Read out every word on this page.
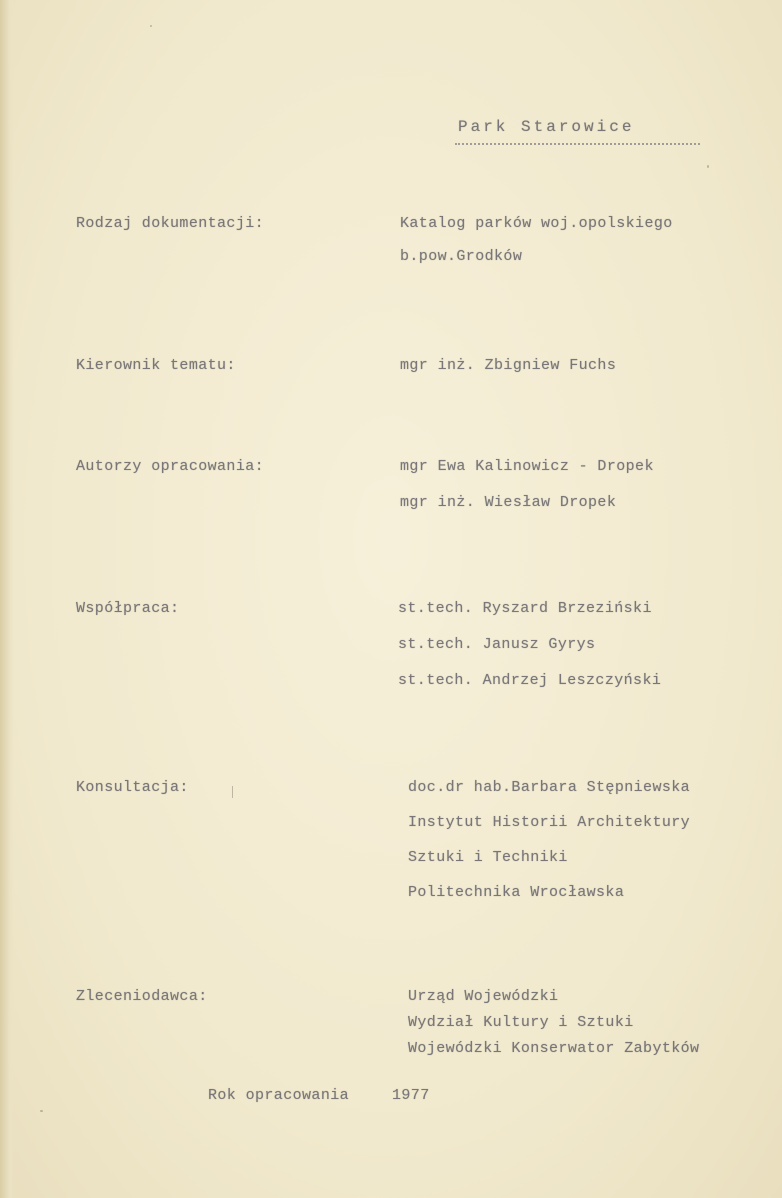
Park Starowice
Rodzaj dokumentacji:	Katalog parków woj.opolskiego
b.pow.Grodków
Kierownik tematu:	mgr inż. Zbigniew Fuchs
Autorzy opracowania:	mgr Ewa Kalinowicz - Dropek
mgr inż. Wiesław Dropek
Współpraca:	st.tech. Ryszard Brzeziński
st.tech. Janusz Gyrys
st.tech. Andrzej Leszczyński
Konsultacja:	doc.dr hab.Barbara Stępniewska
Instytut Historii Architektury
Sztuki i Techniki
Politechnika Wrocławska
Zleceniodawca:	Urząd Wojewódzki
Wydział Kultury i Sztuki
Wojewódzki Konserwator Zabytków
Rok opracowania	1977
